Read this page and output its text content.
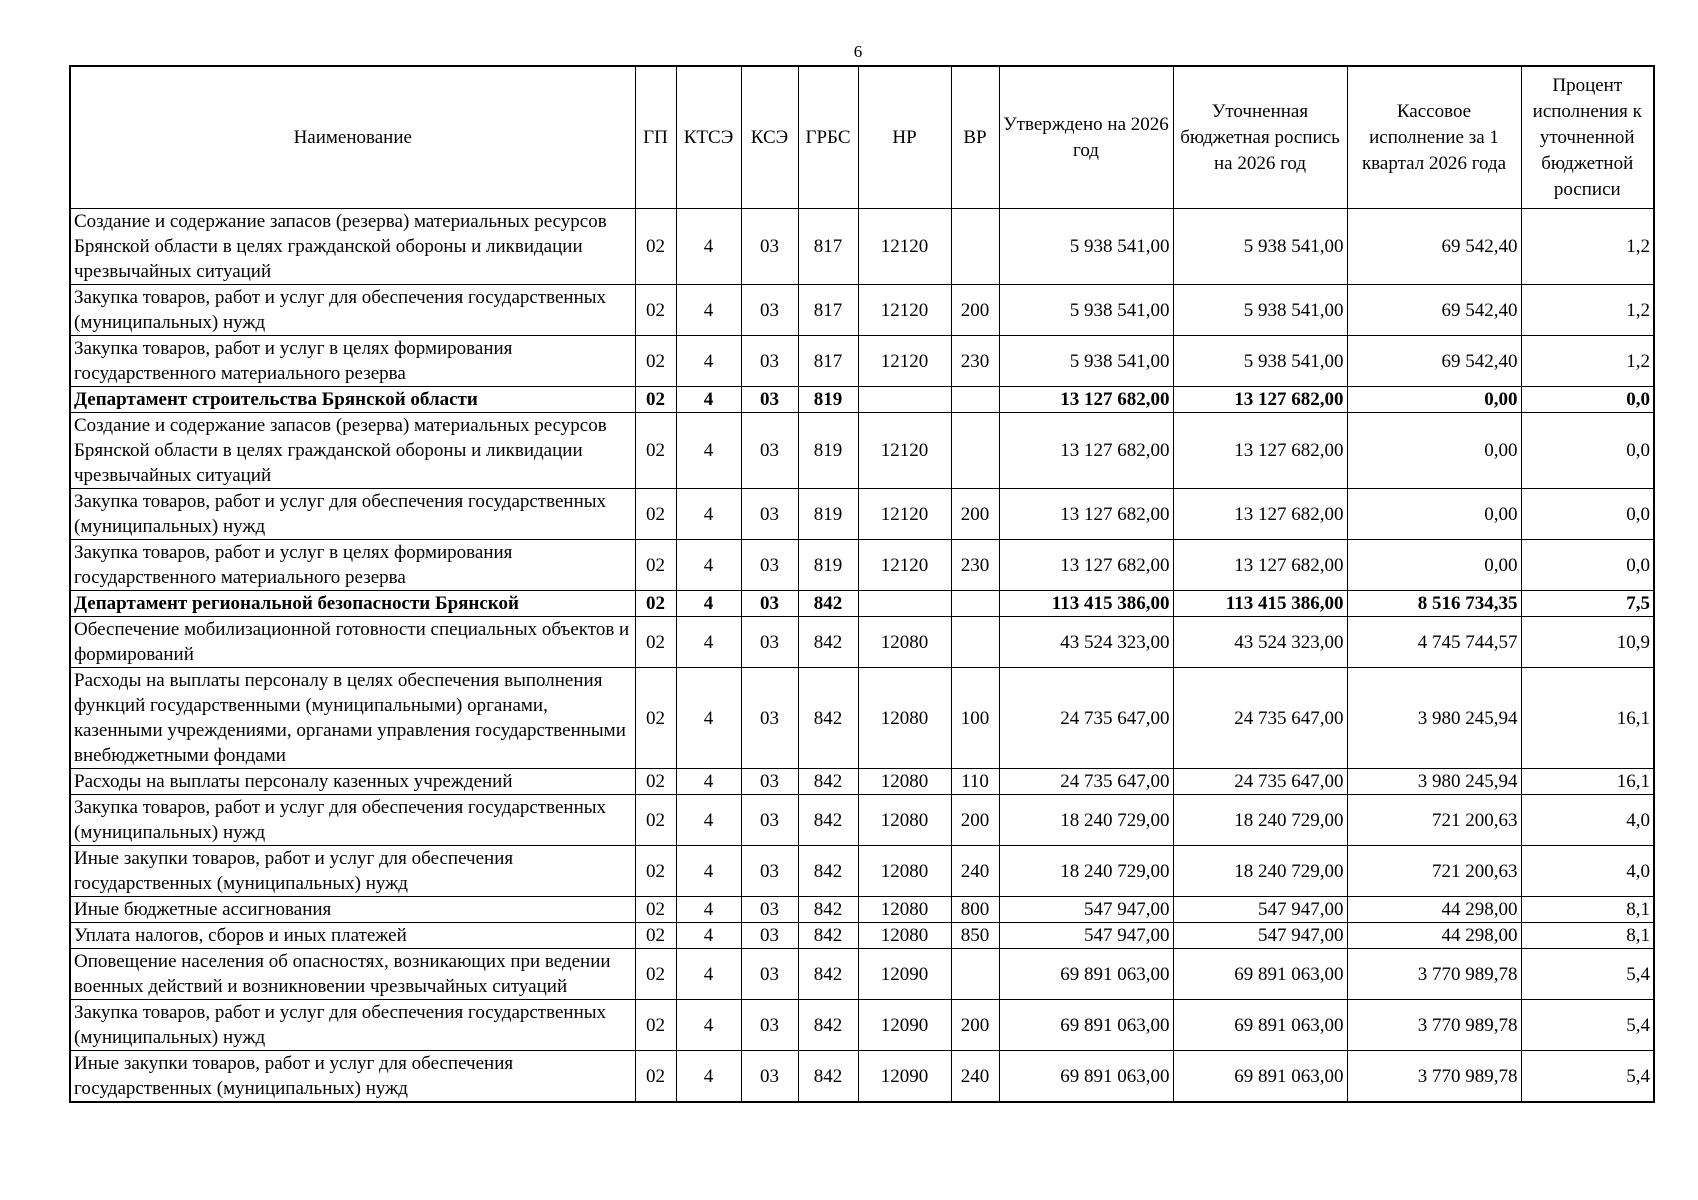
6
Наименование	ГП	КТСЭ	КСЭ	ГРБС	НР	ВР	Утверждено на 2026 год	Уточненная бюджетная роспись на 2026 год	Кассовое исполнение за 1 квартал 2026 года	Процент исполнения к уточненной бюджетной росписи
Создание и содержание запасов (резерва) материальных ресурсов Брянской области в целях гражданской обороны и ликвидации чрезвычайных ситуаций	02	4	03	817	12120		5 938 541,00	5 938 541,00	69 542,40	1,2
Закупка товаров, работ и услуг для обеспечения государственных (муниципальных) нужд	02	4	03	817	12120	200	5 938 541,00	5 938 541,00	69 542,40	1,2
Закупка товаров, работ и услуг в целях формирования государственного материального резерва	02	4	03	817	12120	230	5 938 541,00	5 938 541,00	69 542,40	1,2
Департамент строительства Брянской области	02	4	03	819			13 127 682,00	13 127 682,00	0,00	0,0
Создание и содержание запасов (резерва) материальных ресурсов Брянской области в целях гражданской обороны и ликвидации чрезвычайных ситуаций	02	4	03	819	12120		13 127 682,00	13 127 682,00	0,00	0,0
Закупка товаров, работ и услуг для обеспечения государственных (муниципальных) нужд	02	4	03	819	12120	200	13 127 682,00	13 127 682,00	0,00	0,0
Закупка товаров, работ и услуг в целях формирования государственного материального резерва	02	4	03	819	12120	230	13 127 682,00	13 127 682,00	0,00	0,0
Департамент региональной безопасности Брянской	02	4	03	842			113 415 386,00	113 415 386,00	8 516 734,35	7,5
Обеспечение мобилизационной готовности специальных объектов и формирований	02	4	03	842	12080		43 524 323,00	43 524 323,00	4 745 744,57	10,9
Расходы на выплаты персоналу в целях обеспечения выполнения функций государственными (муниципальными) органами, казенными учреждениями, органами управления государственными внебюджетными фондами	02	4	03	842	12080	100	24 735 647,00	24 735 647,00	3 980 245,94	16,1
Расходы на выплаты персоналу казенных учреждений	02	4	03	842	12080	110	24 735 647,00	24 735 647,00	3 980 245,94	16,1
Закупка товаров, работ и услуг для обеспечения государственных (муниципальных) нужд	02	4	03	842	12080	200	18 240 729,00	18 240 729,00	721 200,63	4,0
Иные закупки товаров, работ и услуг для обеспечения государственных (муниципальных) нужд	02	4	03	842	12080	240	18 240 729,00	18 240 729,00	721 200,63	4,0
Иные бюджетные ассигнования	02	4	03	842	12080	800	547 947,00	547 947,00	44 298,00	8,1
Уплата налогов, сборов и иных платежей	02	4	03	842	12080	850	547 947,00	547 947,00	44 298,00	8,1
Оповещение населения об опасностях, возникающих при ведении военных действий и возникновении чрезвычайных ситуаций	02	4	03	842	12090		69 891 063,00	69 891 063,00	3 770 989,78	5,4
Закупка товаров, работ и услуг для обеспечения государственных (муниципальных) нужд	02	4	03	842	12090	200	69 891 063,00	69 891 063,00	3 770 989,78	5,4
Иные закупки товаров, работ и услуг для обеспечения государственных (муниципальных) нужд	02	4	03	842	12090	240	69 891 063,00	69 891 063,00	3 770 989,78	5,4
